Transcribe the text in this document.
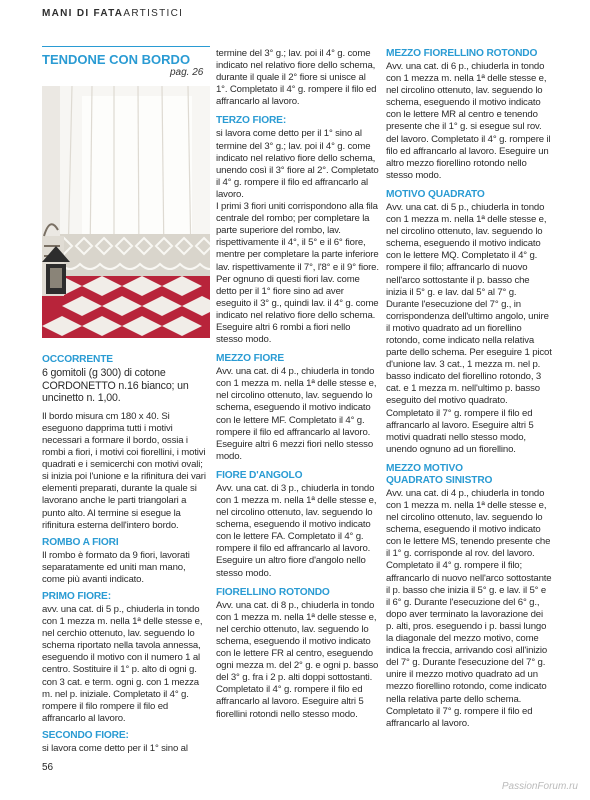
MANI DI FATAARTISTICI
TENDONE CON BORDO
pag. 26
OCCORRENTE

6 gomitoli (g 300) di cotone CORDONETTO n.16 bianco; un uncinetto n. 1,00.

Il bordo misura cm 180 x 40. Si eseguono dapprima tutti i motivi necessari a formare il bordo, ossia i rombi a fiori, i motivi coi fiorellini, i motivi quadrati e i semicerchi con motivi ovali; si inizia poi l'unione e la rifinitura dei vari elementi preparati, durante la quale si lavorano anche le parti triangolari a punto alto. Al termine si esegue la rifinitura esterna dell'intero bordo.

ROMBO A FIORI

Il rombo è formato da 9 fiori, lavorati separatamente ed uniti man mano, come più avanti indicato.

PRIMO FIORE:

avv. una cat. di 5 p., chiuderla in tondo con 1 mezza m. nella 1ª delle stesse e, nel cerchio ottenuto, lav. seguendo lo schema riportato nella tavola annessa, eseguendo il motivo con il numero 1 al centro. Sostituire il 1° p. alto di ogni g. con 3 cat. e term. ogni g. con 1 mezza m. nel p. iniziale. Completato il 4° g. rompere il filo rompere il filo ed affrancarlo al lavoro.

SECONDO FIORE:

si lavora come detto per il 1° sino al

termine del 3° g.; lav. poi il 4° g. come indicato nel relativo fiore dello schema, durante il quale il 2° fiore si unisce al 1°. Completato il 4° g. rompere il filo ed affrancarlo al lavoro.

TERZO FIORE:

si lavora come detto per il 1° sino al termine del 3° g.; lav. poi il 4° g. come indicato nel relativo fiore dello schema, unendo così il 3° fiore al 2°. Completato il 4° g. rompere il filo ed affrancarlo al lavoro.

I primi 3 fiori uniti corrispondono alla fila centrale del rombo; per completare la parte superiore del rombo, lav. rispettivamente il 4°, il 5° e il 6° fiore, mentre per completare la parte inferiore lav. rispettivamente il 7°, l'8° e il 9° fiore. Per ognuno di questi fiori lav. come detto per il 1° fiore sino ad aver eseguito il 3° g., quindi lav. il 4° g. come indicato nel relativo fiore dello schema.

Eseguire altri 6 rombi a fiori nello stesso modo.

MEZZO FIORE

Avv. una cat. di 4 p., chiuderla in tondo con 1 mezza m. nella 1ª delle stesse e, nel circolino ottenuto, lav. seguendo lo schema, eseguendo il motivo indicato con le lettere MF. Completato il 4° g. rompere il filo ed affrancarlo al lavoro. Eseguire altri 6 mezzi fiori nello stesso modo.

FIORE D'ANGOLO

Avv. una cat. di 3 p., chiuderla in tondo con 1 mezza m. nella 1ª delle stesse e, nel circolino ottenuto, lav. seguendo lo schema, eseguendo il motivo indicato con le lettere FA. Completato il 4° g. rompere il filo ed affrancarlo al lavoro. Eseguire un altro fiore d'angolo nello stesso modo.

FIORELLINO ROTONDO

Avv. una cat. di 8 p., chiuderla in tondo con 1 mezza m. nella 1ª delle stesse e, nel cerchio ottenuto, lav. seguendo lo schema, eseguendo il motivo indicato con le lettere FR al centro, eseguendo ogni mezza m. del 2° g. e ogni p. basso del 3° g. fra i 2 p. alti doppi sottostanti. Completato il 4° g. rompere il filo ed affrancarlo al lavoro. Eseguire altri 5 fiorellini rotondi nello stesso modo.

MEZZO FIORELLINO ROTONDO

Avv. una cat. di 6 p., chiuderla in tondo con 1 mezza m. nella 1ª delle stesse e, nel circolino ottenuto, lav. seguendo lo schema, eseguendo il motivo indicato con le lettere MR al centro e tenendo presente che il 1° g. si esegue sul rov. del lavoro. Completato il 4° g. rompere il filo ed affrancarlo al lavoro. Eseguire un altro mezzo fiorellino rotondo nello stesso modo.

MOTIVO QUADRATO

Avv. una cat. di 5 p., chiuderla in tondo con 1 mezza m. nella 1ª delle stesse e, nel circolino ottenuto, lav. seguendo lo schema, eseguendo il motivo indicato con le lettere MQ. Completato il 4° g. rompere il filo; affrancarlo di nuovo nell'arco sottostante il p. basso che inizia il 5° g. e lav. dal 5° al 7° g. Durante l'esecuzione del 7° g., in corrispondenza dell'ultimo angolo, unire il motivo quadrato ad un fiorellino rotondo, come indicato nella relativa parte dello schema. Per eseguire 1 picot d'unione lav. 3 cat., 1 mezza m. nel p. basso indicato del fiorellino rotondo, 3 cat. e 1 mezza m. nell'ultimo p. basso eseguito del motivo quadrato. Completato il 7° g. rompere il filo ed affrancarlo al lavoro. Eseguire altri 5 motivi quadrati nello stesso modo, unendo ognuno ad un fiorellino.

MEZZO MOTIVO
QUADRATO SINISTRO

Avv. una cat. di 4 p., chiuderla in tondo con 1 mezza m. nella 1ª delle stesse e, nel circolino ottenuto, lav. seguendo lo schema, eseguendo il motivo indicato con le lettere MS, tenendo presente che il 1° g. corrisponde al rov. del lavoro. Completato il 4° g. rompere il filo; affrancarlo di nuovo nell'arco sottostante il p. basso che inizia il 5° g. e lav. il 5° e il 6° g. Durante l'esecuzione del 6° g., dopo aver terminato la lavorazione dei p. alti, pros. eseguendo i p. bassi lungo la diagonale del mezzo motivo, come indica la freccia, arrivando così all'inizio del 7° g. Durante l'esecuzione del 7° g. unire il mezzo motivo quadrato ad un mezzo fiorellino rotondo, come indicato nella relativa parte dello schema. Completato il 7° g. rompere il filo ed affrancarlo al lavoro.

56
PassionForum.ru
